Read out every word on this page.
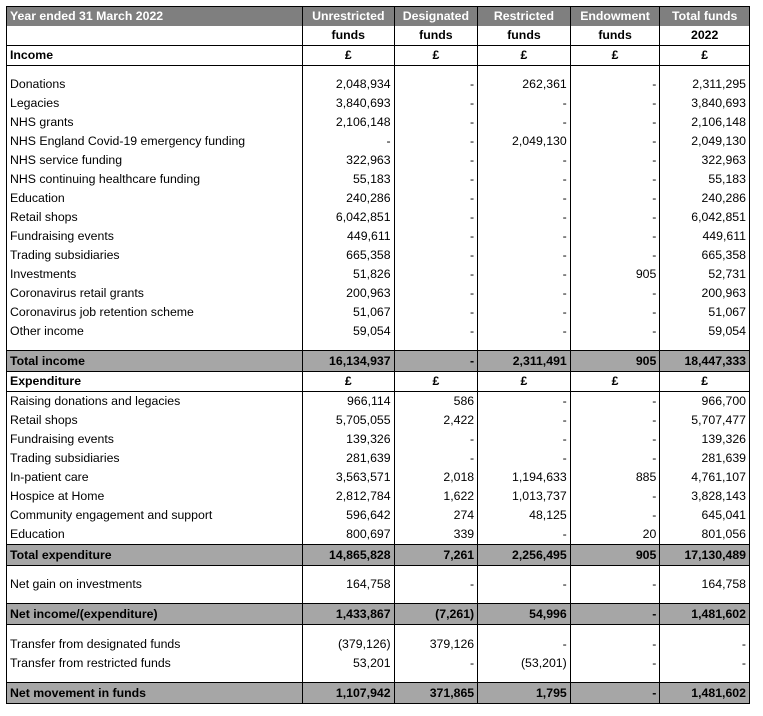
Year ended 31 March 2022	Unrestricted	Designated	Restricted	Endowment	Total funds
	funds	funds	funds	funds	2022
Income	£	£	£	£	£

Donations	2,048,934	-	262,361	-	2,311,295
Legacies	3,840,693	-	-	-	3,840,693
NHS grants	2,106,148	-	-	-	2,106,148
NHS England Covid-19 emergency funding	-	-	2,049,130	-	2,049,130
NHS service funding	322,963	-	-	-	322,963
NHS continuing healthcare funding	55,183	-	-	-	55,183
Education	240,286	-	-	-	240,286
Retail shops	6,042,851	-	-	-	6,042,851
Fundraising events	449,611	-	-	-	449,611
Trading subsidiaries	665,358	-	-	-	665,358
Investments	51,826	-	-	905	52,731
Coronavirus retail grants	200,963	-	-	-	200,963
Coronavirus job retention scheme	51,067	-	-	-	51,067
Other income	59,054	-	-	-	59,054

Total income	16,134,937	-	2,311,491	905	18,447,333
Expenditure	£	£	£	£	£
Raising donations and legacies	966,114	586	-	-	966,700
Retail shops	5,705,055	2,422	-	-	5,707,477
Fundraising events	139,326	-	-	-	139,326
Trading subsidiaries	281,639	-	-	-	281,639
In-patient care	3,563,571	2,018	1,194,633	885	4,761,107
Hospice at Home	2,812,784	1,622	1,013,737	-	3,828,143
Community engagement and support	596,642	274	48,125	-	645,041
Education	800,697	339	-	20	801,056
Total expenditure	14,865,828	7,261	2,256,495	905	17,130,489

Net gain on investments	164,758	-	-	-	164,758

Net income/(expenditure)	1,433,867	(7,261)	54,996	-	1,481,602

Transfer from designated funds	(379,126)	379,126	-	-	-
Transfer from restricted funds	53,201	-	(53,201)	-	-

Net movement in funds	1,107,942	371,865	1,795	-	1,481,602
